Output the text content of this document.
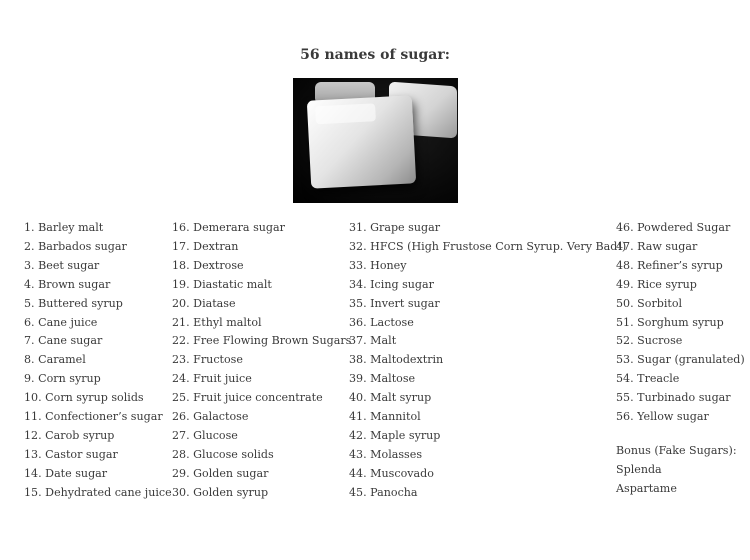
56 names of sugar:
1. Barley malt
2. Barbados sugar
3. Beet sugar
4. Brown sugar
5. Buttered syrup
6. Cane juice
7. Cane sugar
8. Caramel
9. Corn syrup
10. Corn syrup solids
11. Confectioner’s sugar
12. Carob syrup
13. Castor sugar
14. Date sugar
15. Dehydrated cane juice
16. Demerara sugar
17. Dextran
18. Dextrose
19. Diastatic malt
20. Diatase
21. Ethyl maltol
22. Free Flowing Brown Sugars
23. Fructose
24. Fruit juice
25. Fruit juice concentrate
26. Galactose
27. Glucose
28. Glucose solids
29. Golden sugar
30. Golden syrup
31. Grape sugar
32. HFCS (High Frustose Corn Syrup. Very Bad!)
33. Honey
34. Icing sugar
35. Invert sugar
36. Lactose
37. Malt
38. Maltodextrin
39. Maltose
40. Malt syrup
41. Mannitol
42. Maple syrup
43. Molasses
44. Muscovado
45. Panocha
46. Powdered Sugar
47. Raw sugar
48. Refiner’s syrup
49. Rice syrup
50. Sorbitol
51. Sorghum syrup
52. Sucrose
53. Sugar (granulated)
54. Treacle
55. Turbinado sugar
56. Yellow sugar
Bonus (Fake Sugars):
Splenda
Aspartame
